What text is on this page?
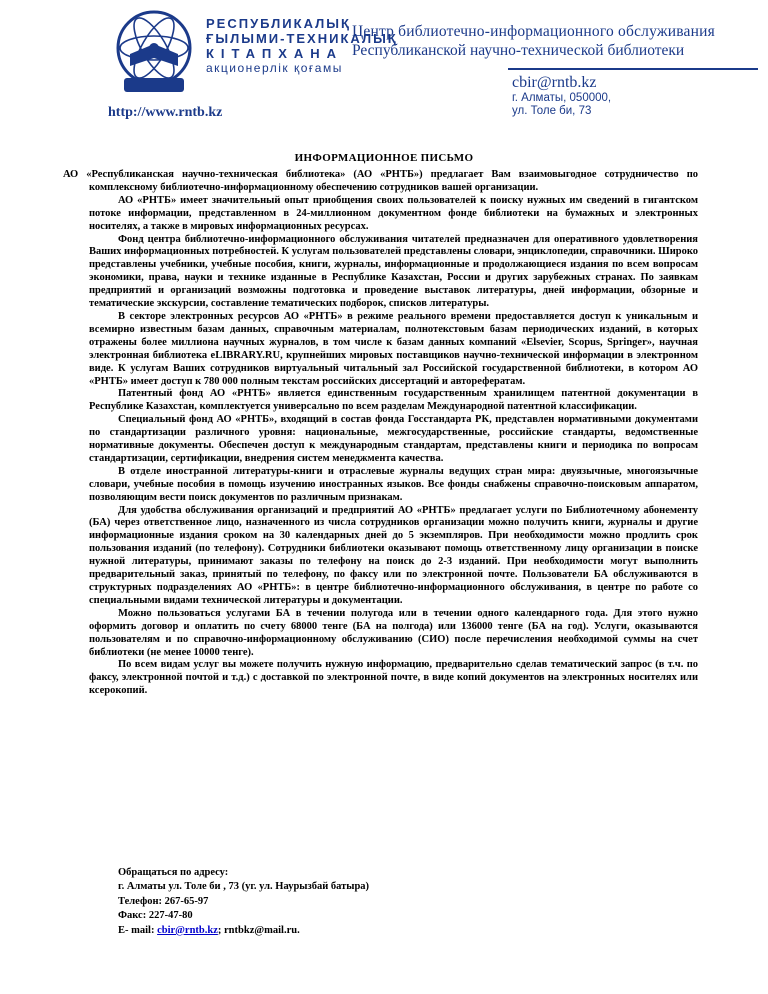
РЕСПУБЛИКАЛЫҚ
ҒЫЛЫМИ-ТЕХНИКАЛЫҚ
КІТАПХАНА
акционерлік қоғамы
Центр библиотечно-информационного обслуживания
Республиканской научно-технической библиотеки
cbir@rntb.kz
г. Алматы, 050000,
ул. Толе би, 73
http://www.rntb.kz
ИНФОРМАЦИОННОЕ ПИСЬМО

АО «Республиканская научно-техническая библиотека» (АО «РНТБ») предлагает Вам взаимовыгодное сотрудничество по комплексному библиотечно-информационному обеспечению сотрудников вашей организации.

АО «РНТБ» имеет значительный опыт приобщения своих пользователей к поиску нужных им сведений в гигантском потоке информации, представленном в 24-миллионном документном фонде библиотеки на бумажных и электронных носителях, а также в мировых информационных ресурсах.

Фонд центра библиотечно-информационного обслуживания читателей предназначен для оперативного удовлетворения Ваших информационных потребностей. К услугам пользователей представлены словари, энциклопедии, справочники. Широко представлены учебники, учебные пособия, книги, журналы, информационные и продолжающиеся издания по всем вопросам экономики, права, науки и технике изданные в Республике Казахстан, России и других зарубежных странах. По заявкам предприятий и организаций возможны подготовка и проведение выставок литературы, дней информации, обзорные и тематические экскурсии, составление тематических подборок, списков литературы.

В секторе электронных ресурсов АО «РНТБ» в режиме реального времени предоставляется доступ к уникальным и всемирно известным базам данных, справочным материалам, полнотекстовым базам периодических изданий, в которых отражены более миллиона научных журналов, в том числе к базам данных компаний «Elsevier, Scopus, Springer», научная электронная библиотека eLIBRARY.RU, крупнейших мировых поставщиков научно-технической информации в электронном виде. К услугам Ваших сотрудников виртуальный читальный зал Российской государственной библиотеки, в котором АО «РНТБ» имеет доступ к 780 000 полным текстам российских диссертаций и авторефератам.

Патентный фонд АО «РНТБ» является единственным государственным хранилищем патентной документации в Республике Казахстан, комплектуется универсально по всем разделам Международной патентной классификации.

Специальный фонд АО «РНТБ», входящий в состав фонда Госстандарта РК, представлен нормативными документами по стандартизации различного уровня: национальные, межгосударственные, российские стандарты, ведомственные нормативные документы. Обеспечен доступ к международным стандартам, представлены книги и периодика по вопросам стандартизации, сертификации, внедрения систем менеджмента качества.

В отделе иностранной литературы-книги и отраслевые журналы ведущих стран мира: двуязычные, многоязычные словари, учебные пособия в помощь изучению иностранных языков. Все фонды снабжены справочно-поисковым аппаратом, позволяющим вести поиск документов по различным признакам.

Для удобства обслуживания организаций и предприятий АО «РНТБ» предлагает услуги по Библиотечному абонементу (БА) через ответственное лицо, назначенного из числа сотрудников организации можно получить книги, журналы и другие информационные издания сроком на 30 календарных дней до 5 экземпляров. При необходимости можно продлить срок пользования изданий (по телефону). Сотрудники библиотеки оказывают помощь ответственному лицу организации в поиске нужной литературы, принимают заказы по телефону на поиск до 2-3 изданий. При необходимости могут выполнить предварительный заказ, принятый по телефону, по факсу или по электронной почте. Пользователи БА обслуживаются в структурных подразделениях АО «РНТБ»: в центре библиотечно-информационного обслуживания, в центре по работе со специальными видами технической литературы и документации.

Можно пользоваться услугами БА в течении полугода или в течении одного календарного года. Для этого нужно оформить договор и оплатить по счету 68000 тенге (БА на полгода) или 136000 тенге (БА на год). Услуги, оказываются пользователям и по справочно-информационному обслуживанию (СИО) после перечисления необходимой суммы на счет библиотеки (не менее 10000 тенге).

По всем видам услуг вы можете получить нужную информацию, предварительно сделав тематический запрос (в т.ч. по факсу, электронной почтой и т.д.) с доставкой по электронной почте, в виде копий документов на электронных носителях или ксерокопий.

Обращаться по адресу:
г. Алматы ул. Толе би , 73 (уг. ул. Наурызбай батыра)
Телефон: 267-65-97
Факс: 227-47-80
E- mail: cbir@rntb.kz; rntbkz@mail.ru.
